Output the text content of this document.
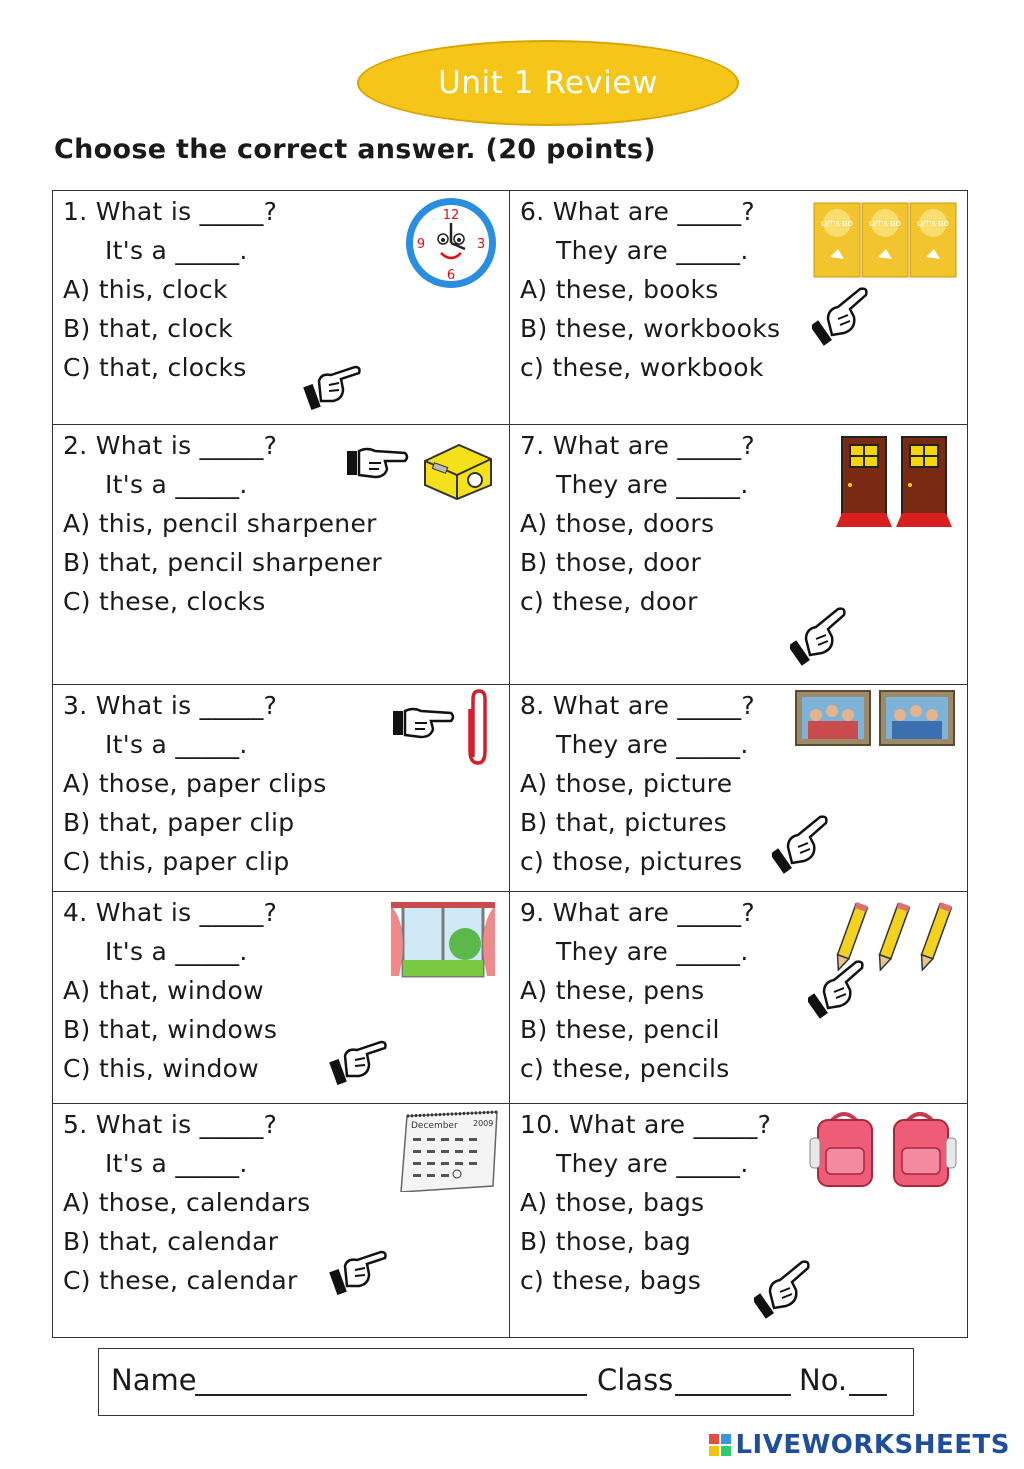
Unit 1 Review
Choose the correct answer. (20 points)
1. What is _____?
It's a _____.
A) this, clock
B) that, clock
C) that, clocks
12
3
6
9
2. What is _____?
It's a _____.
A) this, pencil sharpener
B) that, pencil sharpener
C) these, clocks
3. What is _____?
It's a _____.
A) those, paper clips
B) that, paper clip
C) this, paper clip
4. What is _____?
It's a _____.
A) that, window
B) that, windows
C) this, window
5. What is _____?
It's a _____.
A) those, calendars
B) that, calendar
C) these, calendar
December 2009
6. What are _____?
They are _____.
A) these, books
B) these, workbooks
c) these, workbook
LET'S GO LET'S GO LET'S GO
7. What are _____?
They are _____.
A) those, doors
B) those, door
c) these, door
8. What are _____?
They are _____.
A) those, picture
B) that, pictures
c) those, pictures
9. What are _____?
They are _____.
A) these, pens
B) these, pencil
c) these, pencils
10. What are _____?
They are _____.
A) those, bags
B) those, bag
c) these, bags
Name	Class	No.
LIVEWORKSHEETS
